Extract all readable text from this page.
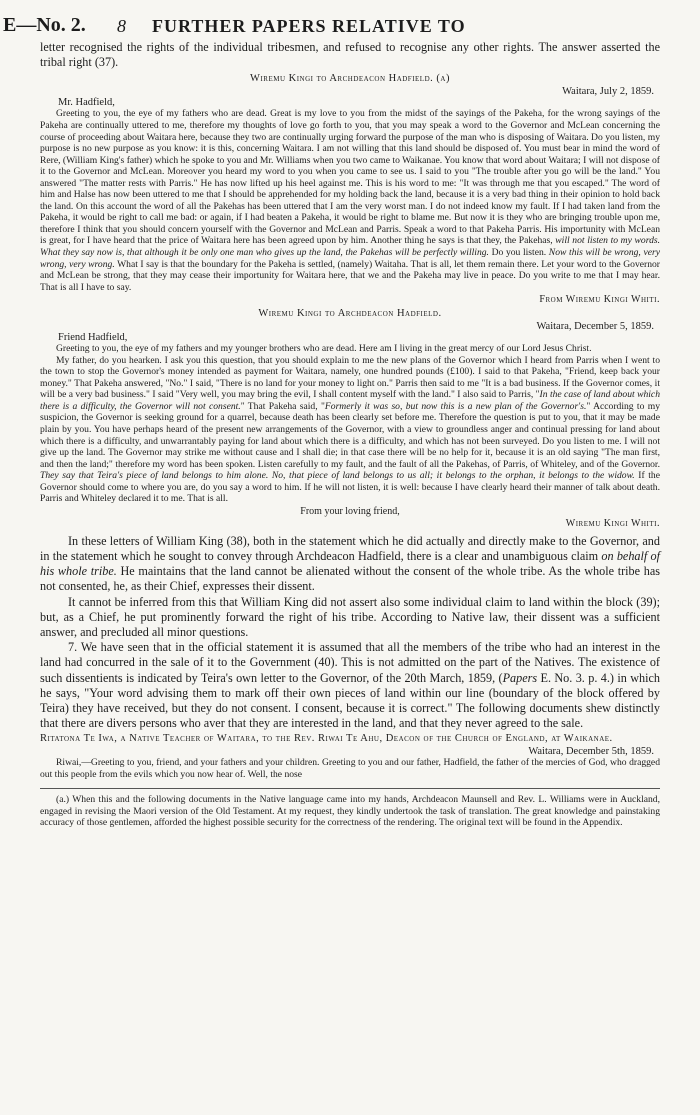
E—No. 2. 8 FURTHER PAPERS RELATIVE TO

letter recognised the rights of the individual tribesmen, and refused to recognise any other rights. The answer asserted the tribal right (37).

Wiremu Kingi to Archdeacon Hadfield. (a)

Waitara, July 2, 1859.

Mr. Hadfield,

Greeting to you, the eye of my fathers who are dead. Great is my love to you from the midst of the sayings of the Pakeha, for the wrong sayings of the Pakeha are continually uttered to me, therefore my thoughts of love go forth to you, that you may speak a word to the Governor and McLean concerning the course of proceeding about Waitara here, because they two are continually urging forward the purpose of the man who is disposing of Waitara. Do you listen, my purpose is no new purpose as you know: it is this, concerning Waitara. I am not willing that this land should be disposed of. You must bear in mind the word of Rere, (William King's father) which he spoke to you and Mr. Williams when you two came to Waikanae. You know that word about Waitara; I will not dispose of it to the Governor and McLean. Moreover you heard my word to you when you came to see us. I said to you "The trouble after you go will be the land." You answered "The matter rests with Parris." He has now lifted up his heel against me. This is his word to me: "It was through me that you escaped." The word of him and Halse has now been uttered to me that I should be apprehended for my holding back the land, because it is a very bad thing in their opinion to hold back the land. On this account the word of all the Pakehas has been uttered that I am the very worst man. I do not indeed know my fault. If I had taken land from the Pakeha, it would be right to call me bad: or again, if I had beaten a Pakeha, it would be right to blame me. But now it is they who are bringing trouble upon me, therefore I think that you should concern yourself with the Governor and McLean and Parris. Speak a word to that Pakeha Parris. His importunity with McLean is great, for I have heard that the price of Waitara here has been agreed upon by him. Another thing he says is that they, the Pakehas, will not listen to my words. What they say now is, that although it be only one man who gives up the land, the Pakehas will be perfectly willing. Do you listen. Now this will be wrong, very wrong, very wrong. What I say is that the boundary for the Pakeha is settled, (namely) Waitaha. That is all, let them remain there. Let your word to the Governor and McLean be strong, that they may cease their importunity for Waitara here, that we and the Pakeha may live in peace. Do you write to me that I may hear. That is all I have to say.

From Wiremu Kingi Whiti.

Wiremu Kingi to Archdeacon Hadfield.

Waitara, December 5, 1859.

Friend Hadfield,

Greeting to you, the eye of my fathers and my younger brothers who are dead. Here am I living in the great mercy of our Lord Jesus Christ.

My father, do you hearken. I ask you this question, that you should explain to me the new plans of the Governor which I heard from Parris when I went to the town to stop the Governor's money intended as payment for Waitara, namely, one hundred pounds (£100). I said to that Pakeha, "Friend, keep back your money." That Pakeha answered, "No." I said, "There is no land for your money to light on." Parris then said to me "It is a bad business. If the Governor comes, it will be a very bad business." I said "Very well, you may bring the evil, I shall content myself with the land." I also said to Parris, "In the case of land about which there is a difficulty, the Governor will not consent." That Pakeha said, "Formerly it was so, but now this is a new plan of the Governor's." According to my suspicion, the Governor is seeking ground for a quarrel, because death has been clearly set before me. Therefore the question is put to you, that it may be made plain by you. You have perhaps heard of the present new arrangements of the Governor, with a view to groundless anger and continual pressing for land about which there is a difficulty, and unwarrantably paying for land about which there is a difficulty, and which has not been surveyed. Do you listen to me. I will not give up the land. The Governor may strike me without cause and I shall die; in that case there will be no help for it, because it is an old saying "The man first, and then the land;" therefore my word has been spoken. Listen carefully to my fault, and the fault of all the Pakehas, of Parris, of Whiteley, and of the Governor. They say that Teira's piece of land belongs to him alone. No, that piece of land belongs to us all; it belongs to the orphan, it belongs to the widow. If the Governor should come to where you are, do you say a word to him. If he will not listen, it is well: because I have clearly heard their manner of talk about death. Parris and Whiteley declared it to me. That is all.

From your loving friend,

Wiremu Kingi Whiti.

In these letters of William King (38), both in the statement which he did actually and directly make to the Governor, and in the statement which he sought to convey through Archdeacon Hadfield, there is a clear and unambiguous claim on behalf of his whole tribe. He maintains that the land cannot be alienated without the consent of the whole tribe. As the whole tribe has not consented, he, as their Chief, expresses their dissent.

It cannot be inferred from this that William King did not assert also some individual claim to land within the block (39); but, as a Chief, he put prominently forward the right of his tribe. According to Native law, their dissent was a sufficient answer, and precluded all minor questions.

7. We have seen that in the official statement it is assumed that all the members of the tribe who had an interest in the land had concurred in the sale of it to the Government (40). This is not admitted on the part of the Natives. The existence of such dissentients is indicated by Teira's own letter to the Governor, of the 20th March, 1859, (Papers E. No. 3. p. 4.) in which he says, "Your word advising them to mark off their own pieces of land within our line (boundary of the block offered by Teira) they have received, but they do not consent. I consent, because it is correct." The following documents shew distinctly that there are divers persons who aver that they are interested in the land, and that they never agreed to the sale.

Ritatona Te Iwa, a Native Teacher of Waitara, to the Rev. Riwai Te Ahu, Deacon of the Church of England, at Waikanae.

Waitara, December 5th, 1859.

Riwai,—Greeting to you, friend, and your fathers and your children. Greeting to you and our father, Hadfield, the father of the mercies of God, who dragged out this people from the evils which you now hear of. Well, the nose

(a.) When this and the following documents in the Native language came into my hands, Archdeacon Maunsell and Rev. L. Williams were in Auckland, engaged in revising the Maori version of the Old Testament. At my request, they kindly undertook the task of translation. The great knowledge and painstaking accuracy of those gentlemen, afforded the highest possible security for the correctness of the rendering. The original text will be found in the Appendix.
